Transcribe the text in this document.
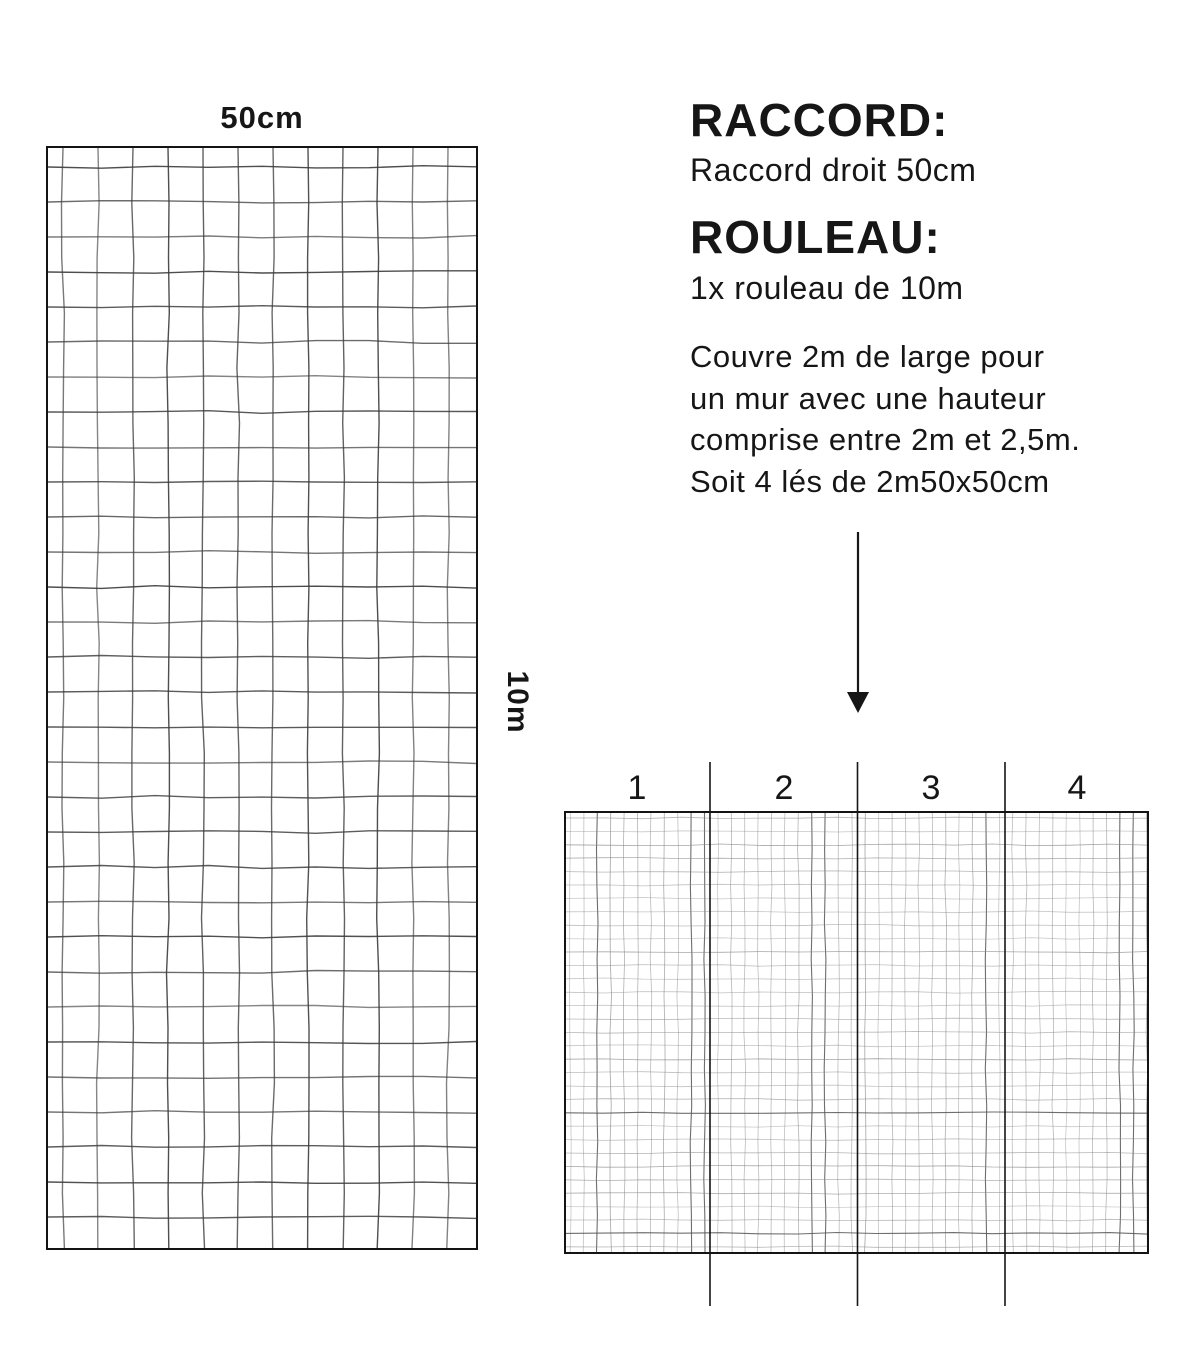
50cm
10m
RACCORD:
Raccord droit 50cm
ROULEAU:
1x rouleau de 10m
Couvre 2m de large pour
un mur avec une hauteur
comprise entre 2m et 2,5m.
Soit 4 lés de 2m50x50cm
1	2	3	4
